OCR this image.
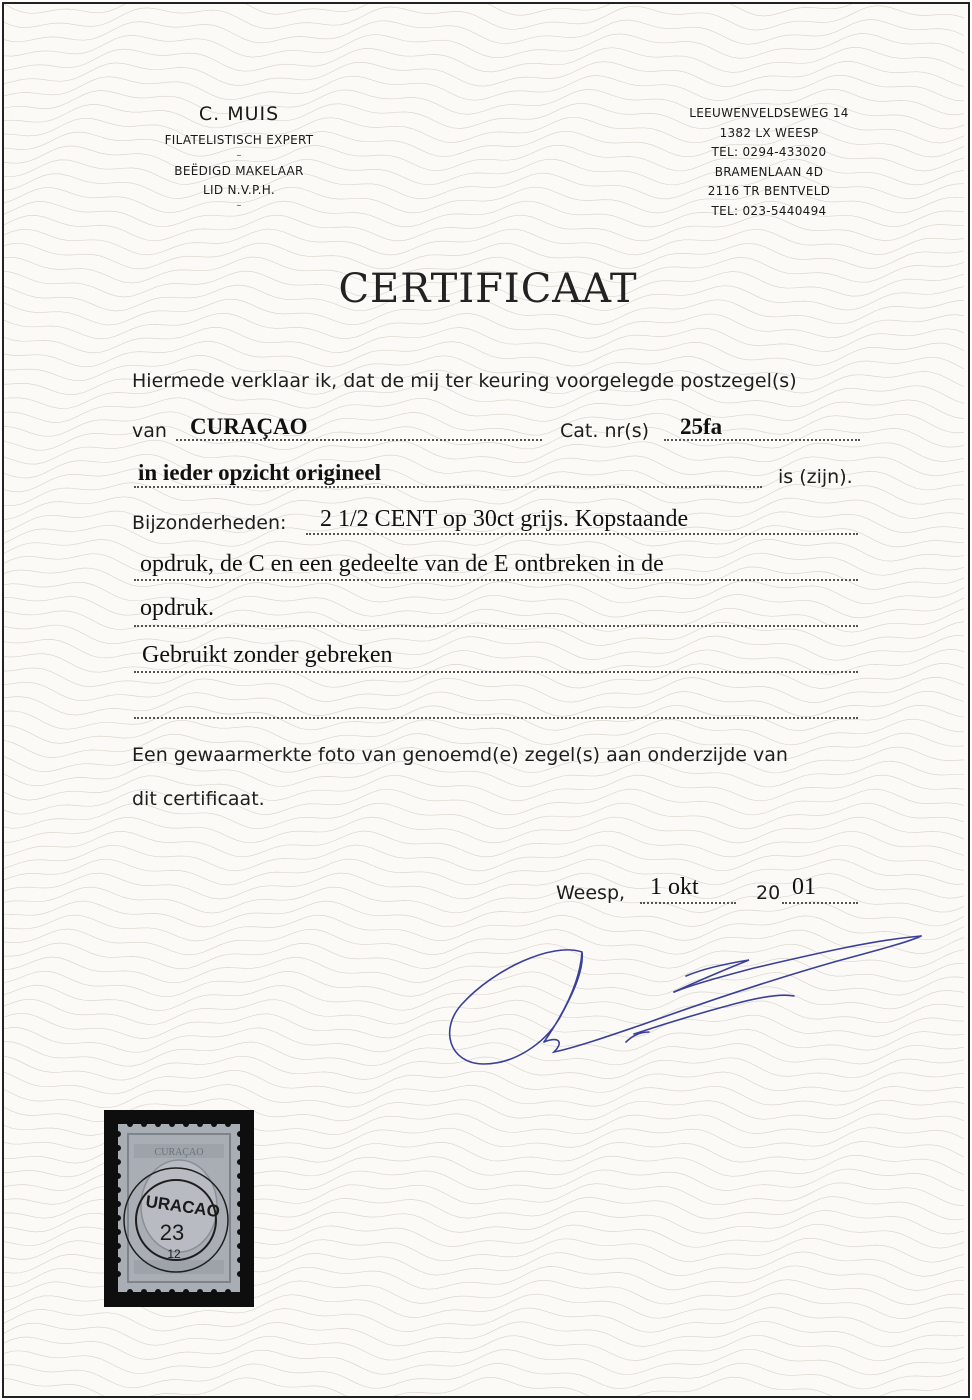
C. MUIS
FILATELISTISCH EXPERT
–
BEËDIGD MAKELAAR
LID N.V.P.H.
–
LEEUWENVELDSEWEG 14
1382 LX WEESP
TEL: 0294-433020
BRAMENLAAN 4D
2116 TR BENTVELD
TEL: 023-5440494
CERTIFICAAT
Hiermede verklaar ik, dat de mij ter keuring voorgelegde postzegel(s)
van CURAÇAO	Cat. nr(s) 25fa
in ieder opzicht origineel	is (zijn).
Bijzonderheden: 2 1/2 CENT op 30ct grijs. Kopstaande
opdruk, de C en een gedeelte van de E ontbreken in de
opdruk.
Gebruikt zonder gebreken
Een gewaarmerkte foto van genoemd(e) zegel(s) aan onderzijde van
dit certificaat.
Weesp, 1 okt	20 01
CURAÇAO
URACAO
23
12
